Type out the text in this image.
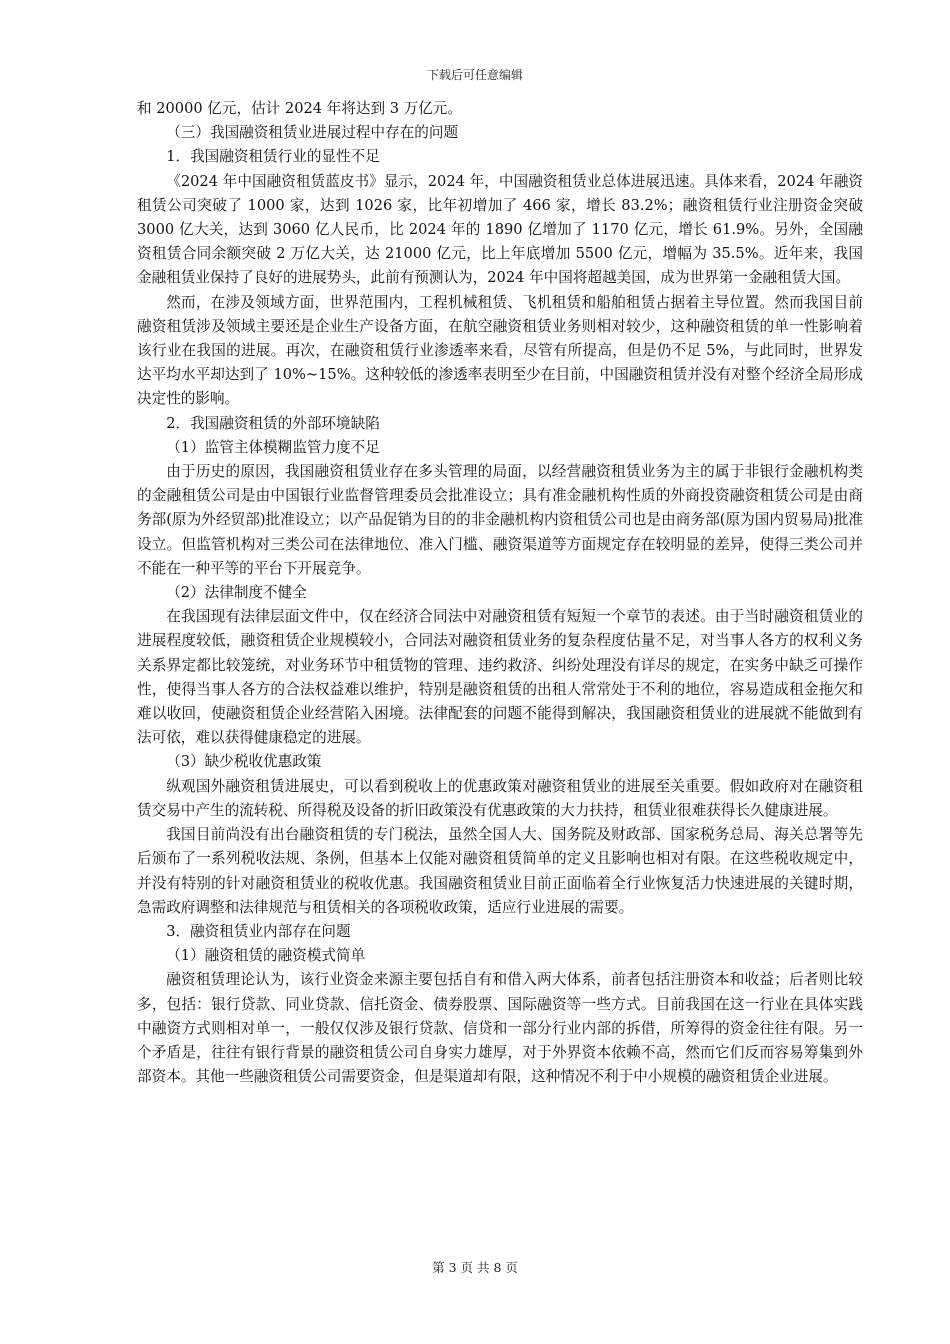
下载后可任意编辑

和 20000 亿元，估计 2024 年将达到 3 万亿元。

（三）我国融资租赁业进展过程中存在的问题

1．我国融资租赁行业的显性不足

《2024 年中国融资租赁蓝皮书》显示，2024 年，中国融资租赁业总体进展迅速。具体来看，2024 年融资租赁公司突破了 1000 家，达到 1026 家，比年初增加了 466 家，增长 83.2%；融资租赁行业注册资金突破 3000 亿大关，达到 3060 亿人民币，比 2024 年的 1890 亿增加了 1170 亿元，增长 61.9%。另外，全国融资租赁合同余额突破 2 万亿大关，达 21000 亿元，比上年底增加 5500 亿元，增幅为 35.5%。近年来，我国金融租赁业保持了良好的进展势头，此前有预测认为，2024 年中国将超越美国，成为世界第一金融租赁大国。

然而，在涉及领域方面，世界范围内，工程机械租赁、飞机租赁和船舶租赁占据着主导位置。然而我国目前融资租赁涉及领域主要还是企业生产设备方面，在航空融资租赁业务则相对较少，这种融资租赁的单一性影响着该行业在我国的进展。再次，在融资租赁行业渗透率来看，尽管有所提高，但是仍不足 5%，与此同时，世界发达平均水平却达到了 10%~15%。这种较低的渗透率表明至少在目前，中国融资租赁并没有对整个经济全局形成决定性的影响。

2．我国融资租赁的外部环境缺陷

（1）监管主体模糊监管力度不足

由于历史的原因，我国融资租赁业存在多头管理的局面，以经营融资租赁业务为主的属于非银行金融机构类的金融租赁公司是由中国银行业监督管理委员会批准设立；具有准金融机构性质的外商投资融资租赁公司是由商务部(原为外经贸部)批准设立；以产品促销为目的的非金融机构内资租赁公司也是由商务部(原为国内贸易局)批准设立。但监管机构对三类公司在法律地位、准入门槛、融资渠道等方面规定存在较明显的差异，使得三类公司并不能在一种平等的平台下开展竞争。

（2）法律制度不健全

在我国现有法律层面文件中，仅在经济合同法中对融资租赁有短短一个章节的表述。由于当时融资租赁业的进展程度较低，融资租赁企业规模较小，合同法对融资租赁业务的复杂程度估量不足，对当事人各方的权利义务关系界定都比较笼统，对业务环节中租赁物的管理、违约救济、纠纷处理没有详尽的规定，在实务中缺乏可操作性，使得当事人各方的合法权益难以维护，特别是融资租赁的出租人常常处于不利的地位，容易造成租金拖欠和难以收回，使融资租赁企业经营陷入困境。法律配套的问题不能得到解决，我国融资租赁业的进展就不能做到有法可依，难以获得健康稳定的进展。

（3）缺少税收优惠政策

纵观国外融资租赁进展史，可以看到税收上的优惠政策对融资租赁业的进展至关重要。假如政府对在融资租赁交易中产生的流转税、所得税及设备的折旧政策没有优惠政策的大力扶持，租赁业很难获得长久健康进展。

我国目前尚没有出台融资租赁的专门税法，虽然全国人大、国务院及财政部、国家税务总局、海关总署等先后颁布了一系列税收法规、条例，但基本上仅能对融资租赁简单的定义且影响也相对有限。在这些税收规定中，并没有特别的针对融资租赁业的税收优惠。我国融资租赁业目前正面临着全行业恢复活力快速进展的关键时期，急需政府调整和法律规范与租赁相关的各项税收政策，适应行业进展的需要。

3．融资租赁业内部存在问题

（1）融资租赁的融资模式简单

融资租赁理论认为，该行业资金来源主要包括自有和借入两大体系，前者包括注册资本和收益；后者则比较多，包括：银行贷款、同业贷款、信托资金、债券股票、国际融资等一些方式。目前我国在这一行业在具体实践中融资方式则相对单一，一般仅仅涉及银行贷款、信贷和一部分行业内部的拆借，所筹得的资金往往有限。另一个矛盾是，往往有银行背景的融资租赁公司自身实力雄厚，对于外界资本依赖不高，然而它们反而容易筹集到外部资本。其他一些融资租赁公司需要资金，但是渠道却有限，这种情况不利于中小规模的融资租赁企业进展。

第 3 页 共 8 页
